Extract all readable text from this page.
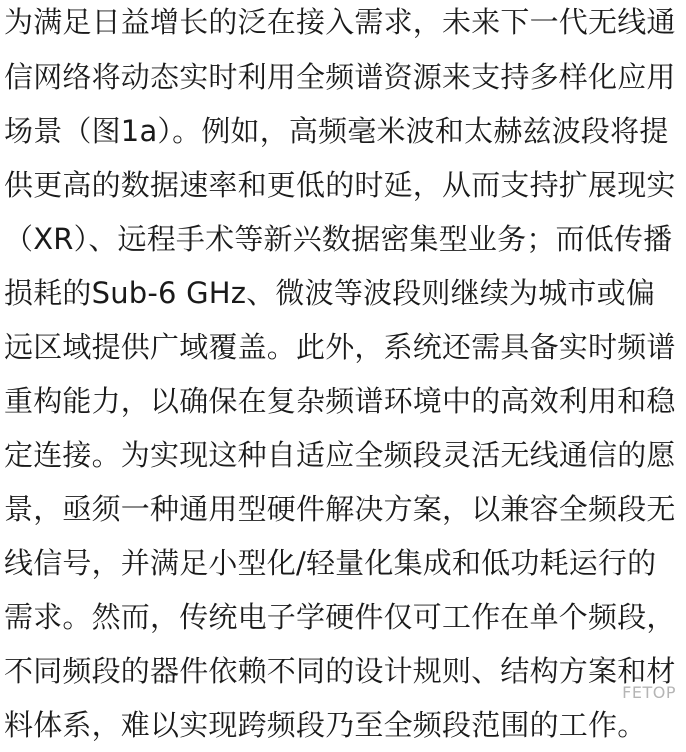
为满足日益增长的泛在接入需求，未来下一代无线通
信网络将动态实时利用全频谱资源来支持多样化应用
场景（图1a）。例如，高频毫米波和太赫兹波段将提
供更高的数据速率和更低的时延，从而支持扩展现实
（XR）、远程手术等新兴数据密集型业务；而低传播
损耗的Sub-6 GHz、微波等波段则继续为城市或偏
远区域提供广域覆盖。此外，系统还需具备实时频谱
重构能力，以确保在复杂频谱环境中的高效利用和稳
定连接。为实现这种自适应全频段灵活无线通信的愿
景，亟须一种通用型硬件解决方案，以兼容全频段无
线信号，并满足小型化/轻量化集成和低功耗运行的
需求。然而，传统电子学硬件仅可工作在单个频段，
不同频段的器件依赖不同的设计规则、结构方案和材
料体系，难以实现跨频段乃至全频段范围的工作。
FETOP
